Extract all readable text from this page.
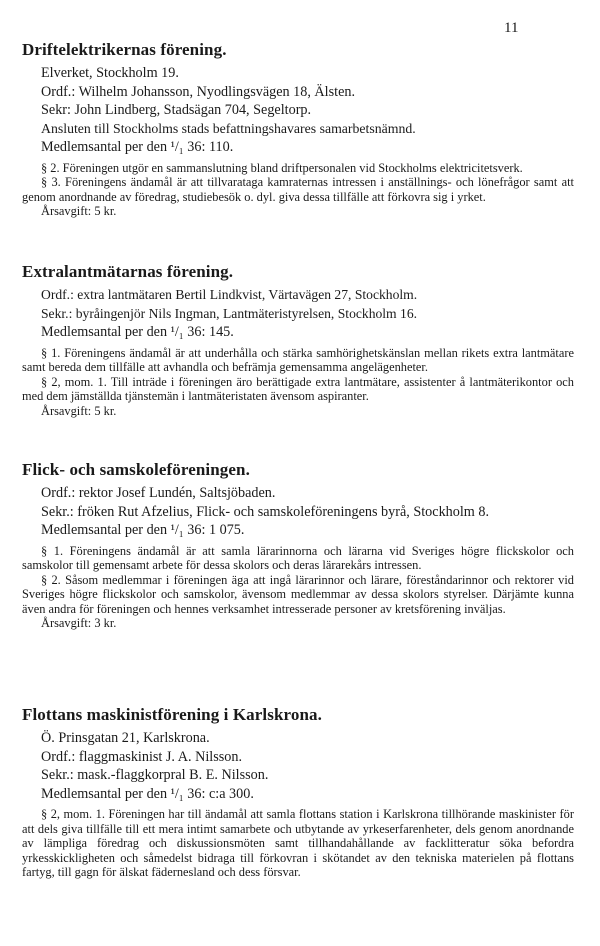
11
Driftelektrikernas förening.

Elverket, Stockholm 19.

Ordf.: Wilhelm Johansson, Nyodlingsvägen 18, Älsten.

Sekr: John Lindberg, Stadsägan 704, Segeltorp.

Ansluten till Stockholms stads befattningshavares samarbetsnämnd.

Medlemsantal per den ¹/₁ 36: 110.

§ 2. Föreningen utgör en sammanslutning bland driftpersonalen vid Stockholms elektricitetsverk.

§ 3. Föreningens ändamål är att tillvarataga kamraternas intressen i anställnings- och lönefrågor samt att genom anordnande av föredrag, studiebesök o. dyl. giva dessa tillfälle att förkovra sig i yrket.

Årsavgift: 5 kr.

Extralantmätarnas förening.

Ordf.: extra lantmätaren Bertil Lindkvist, Värtavägen 27, Stockholm.

Sekr.: byråingenjör Nils Ingman, Lantmäteristyrelsen, Stockholm 16.

Medlemsantal per den ¹/₁ 36: 145.

§ 1. Föreningens ändamål är att underhålla och stärka samhörighetskänslan mellan rikets extra lantmätare samt bereda dem tillfälle att avhandla och befrämja gemensamma angelägenheter.

§ 2, mom. 1. Till inträde i föreningen äro berättigade extra lantmätare, assistenter å lantmäterikontor och med dem jämställda tjänstemän i lantmäteristaten ävensom aspiranter.

Årsavgift: 5 kr.

Flick- och samskoleföreningen.

Ordf.: rektor Josef Lundén, Saltsjöbaden.

Sekr.: fröken Rut Afzelius, Flick- och samskoleföreningens byrå, Stockholm 8.

Medlemsantal per den ¹/₁ 36: 1 075.

§ 1. Föreningens ändamål är att samla lärarinnorna och lärarna vid Sveriges högre flickskolor och samskolor till gemensamt arbete för dessa skolors och deras lärarekårs intressen.

§ 2. Såsom medlemmar i föreningen äga att ingå lärarinnor och lärare, föreståndarinnor och rektorer vid Sveriges högre flickskolor och samskolor, ävensom medlemmar av dessa skolors styrelser. Därjämte kunna även andra för föreningen och hennes verksamhet intresserade personer av kretsförening inväljas.

Årsavgift: 3 kr.

Flottans maskinistförening i Karlskrona.

Ö. Prinsgatan 21, Karlskrona.

Ordf.: flaggmaskinist J. A. Nilsson.

Sekr.: mask.-flaggkorpral B. E. Nilsson.

Medlemsantal per den ¹/₁ 36: c:a 300.

§ 2, mom. 1. Föreningen har till ändamål att samla flottans station i Karlskrona tillhörande maskinister för att dels giva tillfälle till ett mera intimt samarbete och utbytande av yrkeserfarenheter, dels genom anordnande av lämpliga föredrag och diskussionsmöten samt tillhandahållande av facklitteratur söka befordra yrkesskickligheten och såmedelst bidraga till förkovran i skötandet av den tekniska materielen på flottans fartyg, till gagn för älskat fädernesland och dess försvar.
